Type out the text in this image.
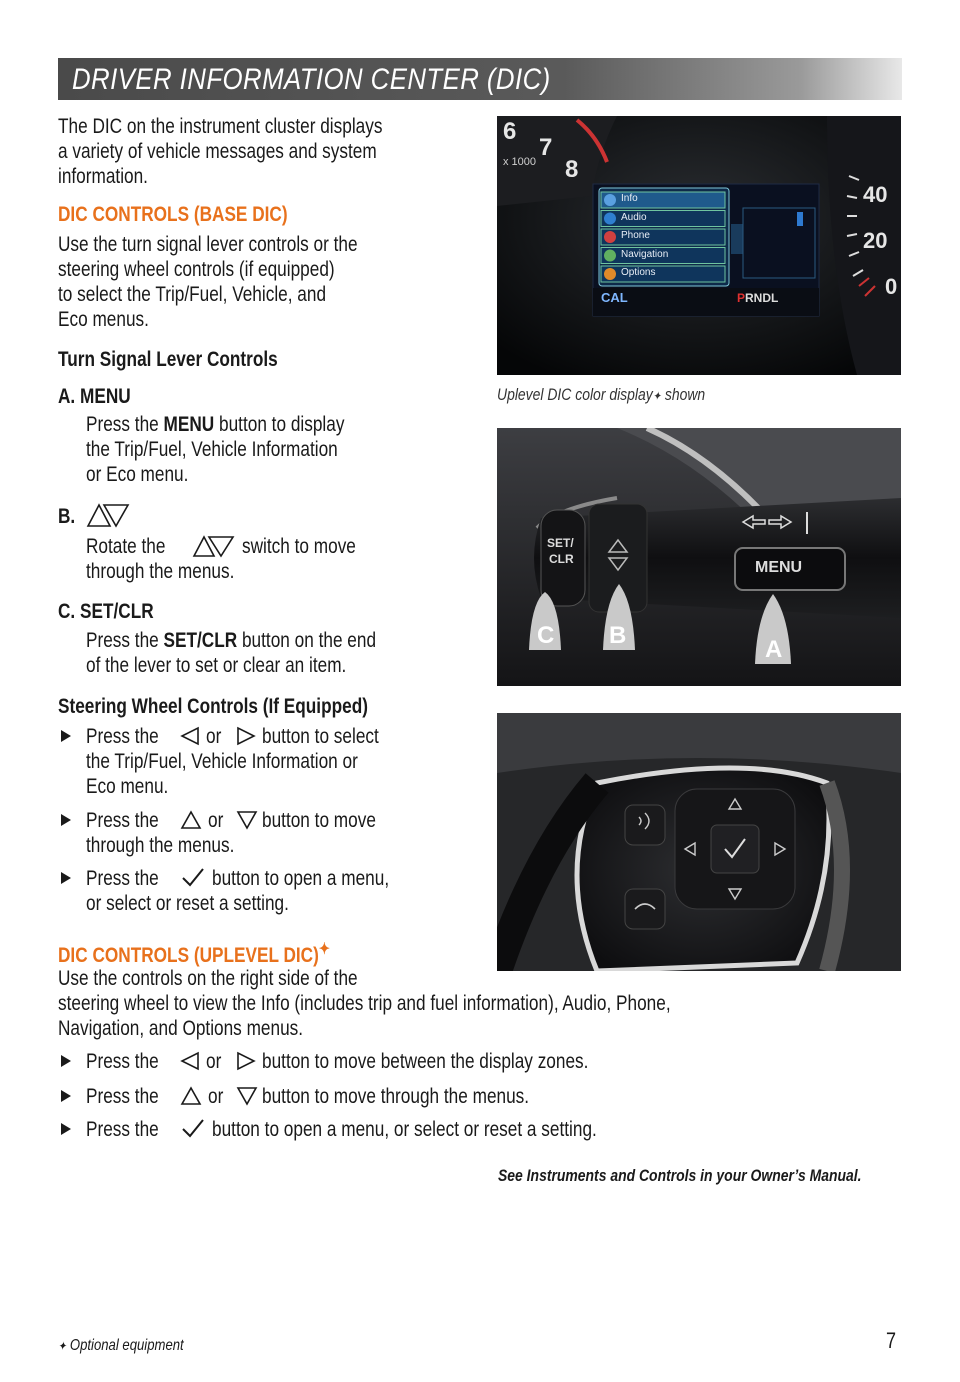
DRIVER INFORMATION CENTER (DIC)
The DIC on the instrument cluster displays
a variety of vehicle messages and system
information.
DIC CONTROLS (BASE DIC)
Use the turn signal lever controls or the
steering wheel controls (if equipped)
to select the Trip/Fuel, Vehicle, and
Eco menus.
Turn Signal Lever Controls
A. MENU
Press the MENU button to display
the Trip/Fuel, Vehicle Information
or Eco menu.
B.
Rotate the	switch to move
through the menus.
C. SET/CLR
Press the SET/CLR button on the end
of the lever to set or clear an item.
Steering Wheel Controls (If Equipped)
Press the or button to select
the Trip/Fuel, Vehicle Information or
Eco menu.
Press the or button to move
through the menus.
Press the	button to open a menu,
or select or reset a setting.
DIC CONTROLS (UPLEVEL DIC)✦
Use the controls on the right side of the
steering wheel to view the Info (includes trip and fuel information), Audio, Phone,
Navigation, and Options menus.
Press the or button to move between the display zones.
Press the or button to move through the menus.
Press the	button to open a menu, or select or reset a setting.
6
7
8
x 1000
40
20
0
Info
Audio
Phone
Navigation
Options
CAL	PRNDL
Uplevel DIC color display✦ shown
SET/
CLR	MENU
C B
A
See Instruments and Controls in your Owner’s Manual.
✦ Optional equipment	7
